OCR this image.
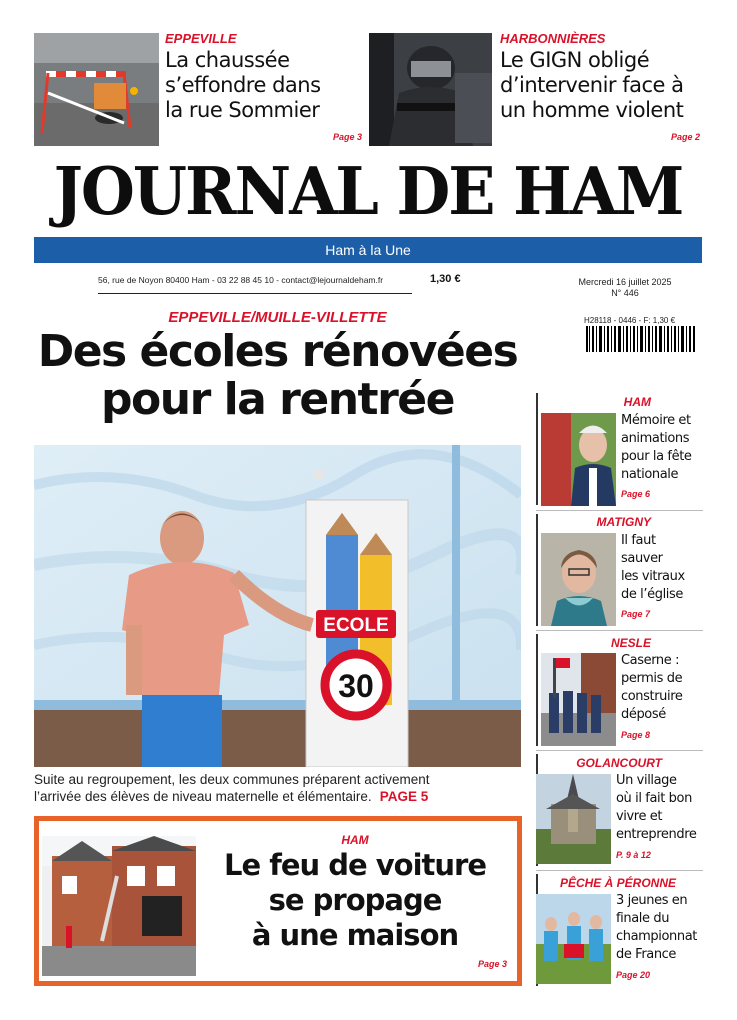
EPPEVILLE
La chaussée
s’effondre dans
la rue Sommier
Page 3
HARBONNIÈRES
Le GIGN obligé
d’intervenir face à
un homme violent
Page 2
JOURNAL DE HAM
Ham à la Une
56, rue de Noyon 80400 Ham - 03 22 88 45 10 - contact@lejournaldeham.fr	1,30 €	Mercredi 16 juillet 2025
N° 446
H28118 - 0446 - F: 1,30 €
EPPEVILLE/MUILLE-VILLETTE
Des écoles rénovées
pour la rentrée
ECOLE
30
Suite au regroupement, les deux communes préparent activement
l’arrivée des élèves de niveau maternelle et élémentaire. PAGE 5
HAM
Le feu de voiture
se propage
à une maison
Page 3
HAM
Mémoire et
animations
pour la fête
nationale
Page 6
MATIGNY
Il faut
sauver
les vitraux
de l’église
Page 7
NESLE
Caserne :
permis de
construire
déposé
Page 8
GOLANCOURT
Un village
où il fait bon
vivre et
entreprendre
P. 9 à 12
PÊCHE À PÉRONNE
3 jeunes en
finale du
championnat
de France
Page 20
